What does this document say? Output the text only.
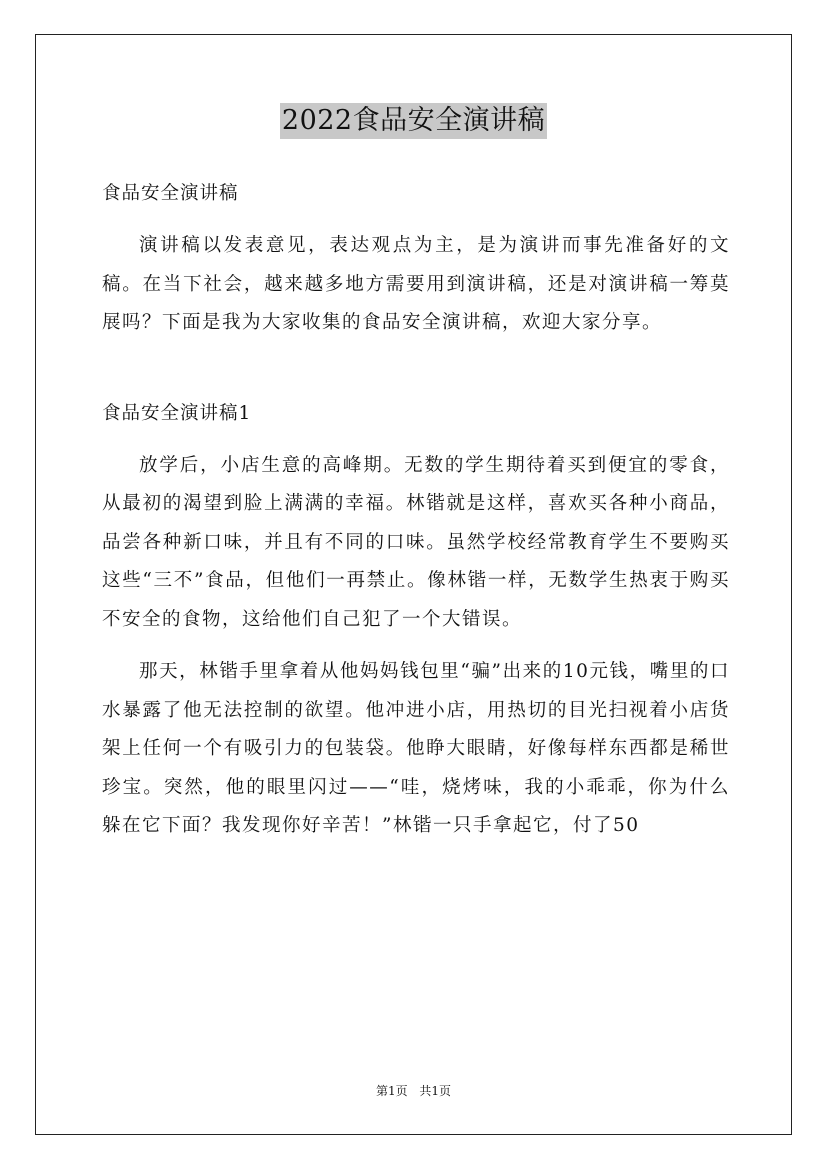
2022食品安全演讲稿

食品安全演讲稿

演讲稿以发表意见，表达观点为主，是为演讲而事先准备好的文稿。在当下社会，越来越多地方需要用到演讲稿，还是对演讲稿一筹莫展吗？下面是我为大家收集的食品安全演讲稿，欢迎大家分享。

食品安全演讲稿1

放学后，小店生意的高峰期。无数的学生期待着买到便宜的零食，从最初的渴望到脸上满满的幸福。林锴就是这样，喜欢买各种小商品，品尝各种新口味，并且有不同的口味。虽然学校经常教育学生不要购买这些“三不”食品，但他们一再禁止。像林锴一样，无数学生热衷于购买不安全的食物，这给他们自己犯了一个大错误。

那天，林锴手里拿着从他妈妈钱包里“骗”出来的10元钱，嘴里的口水暴露了他无法控制的欲望。他冲进小店，用热切的目光扫视着小店货架上任何一个有吸引力的包装袋。他睁大眼睛，好像每样东西都是稀世珍宝。突然，他的眼里闪过——“哇，烧烤味，我的小乖乖，你为什么躲在它下面？我发现你好辛苦！”林锴一只手拿起它，付了50

第1页 共1页
